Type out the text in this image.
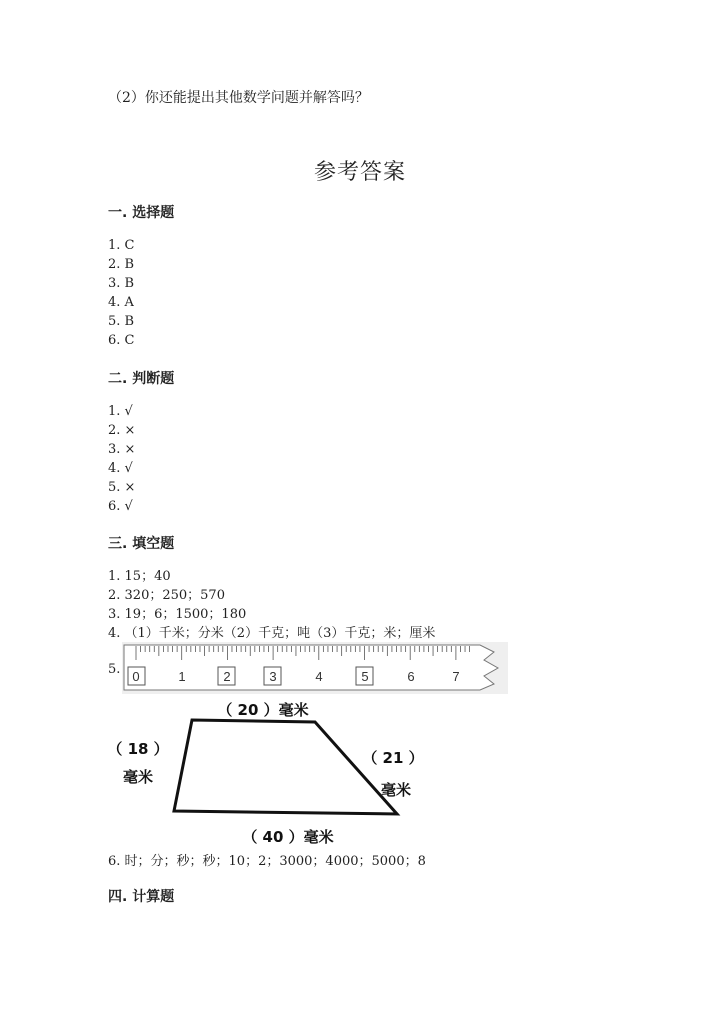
（2）你还能提出其他数学问题并解答吗？
参考答案
一. 选择题
1. C
2. B
3. B
4. A
5. B
6. C
二. 判断题
1. √
2. ×
3. ×
4. √
5. ×
6. √
三. 填空题
1. 15；40
2. 320；250；570
3. 19；6；1500；180
4. （1）千米；分米（2）千克；吨（3）千克；米；厘米
5. 0	1	2	3	4	5	6	7
（ 20 ）毫米
（ 18 ）
毫米
（ 21 ）
毫米
（ 40 ）毫米
6. 时；分；秒；秒；10；2；3000；4000；5000；8
四. 计算题
